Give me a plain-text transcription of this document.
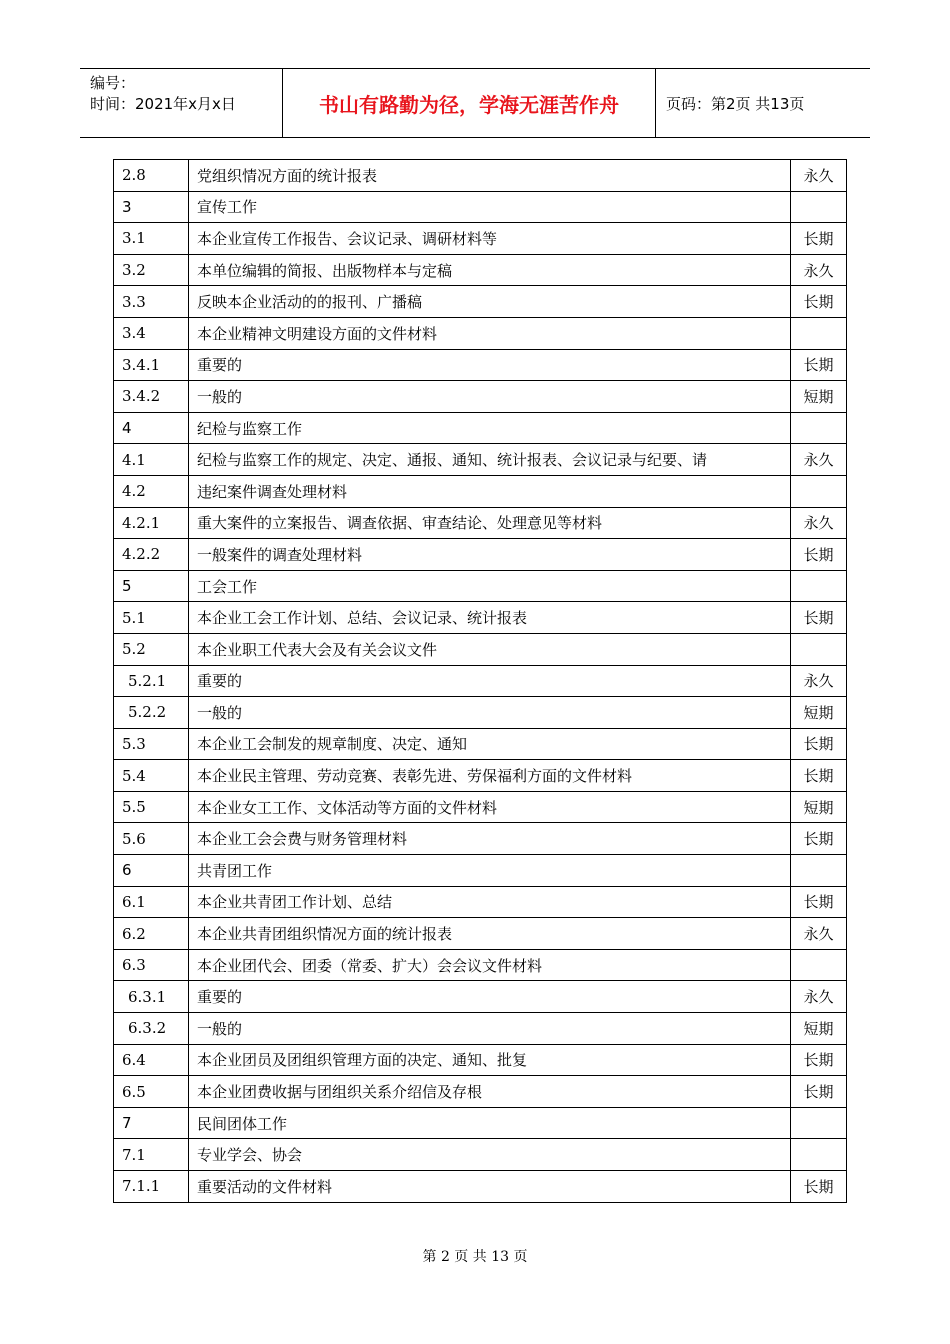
编号：
时间：2021年x月x日	书山有路勤为径，学海无涯苦作舟	页码：第2页 共13页
2.8	党组织情况方面的统计报表	永久
3	宣传工作	
3.1	本企业宣传工作报告、会议记录、调研材料等	长期
3.2	本单位编辑的简报、出版物样本与定稿	永久
3.3	反映本企业活动的的报刊、广播稿	长期
3.4	本企业精神文明建设方面的文件材料	
3.4.1	重要的	长期
3.4.2	一般的	短期
4	纪检与监察工作	
4.1	纪检与监察工作的规定、决定、通报、通知、统计报表、会议记录与纪要、请	永久
4.2	违纪案件调查处理材料	
4.2.1	重大案件的立案报告、调查依据、审查结论、处理意见等材料	永久
4.2.2	一般案件的调查处理材料	长期
5	工会工作	
5.1	本企业工会工作计划、总结、会议记录、统计报表	长期
5.2	本企业职工代表大会及有关会议文件	
5.2.1	重要的	永久
5.2.2	一般的	短期
5.3	本企业工会制发的规章制度、决定、通知	长期
5.4	本企业民主管理、劳动竞赛、表彰先进、劳保福利方面的文件材料	长期
5.5	本企业女工工作、文体活动等方面的文件材料	短期
5.6	本企业工会会费与财务管理材料	长期
6	共青团工作	
6.1	本企业共青团工作计划、总结	长期
6.2	本企业共青团组织情况方面的统计报表	永久
6.3	本企业团代会、团委（常委、扩大）会会议文件材料	
6.3.1	重要的	永久
6.3.2	一般的	短期
6.4	本企业团员及团组织管理方面的决定、通知、批复	长期
6.5	本企业团费收据与团组织关系介绍信及存根	长期
7	民间团体工作	
7.1	专业学会、协会	
7.1.1	重要活动的文件材料	长期
第 2 页 共 13 页
